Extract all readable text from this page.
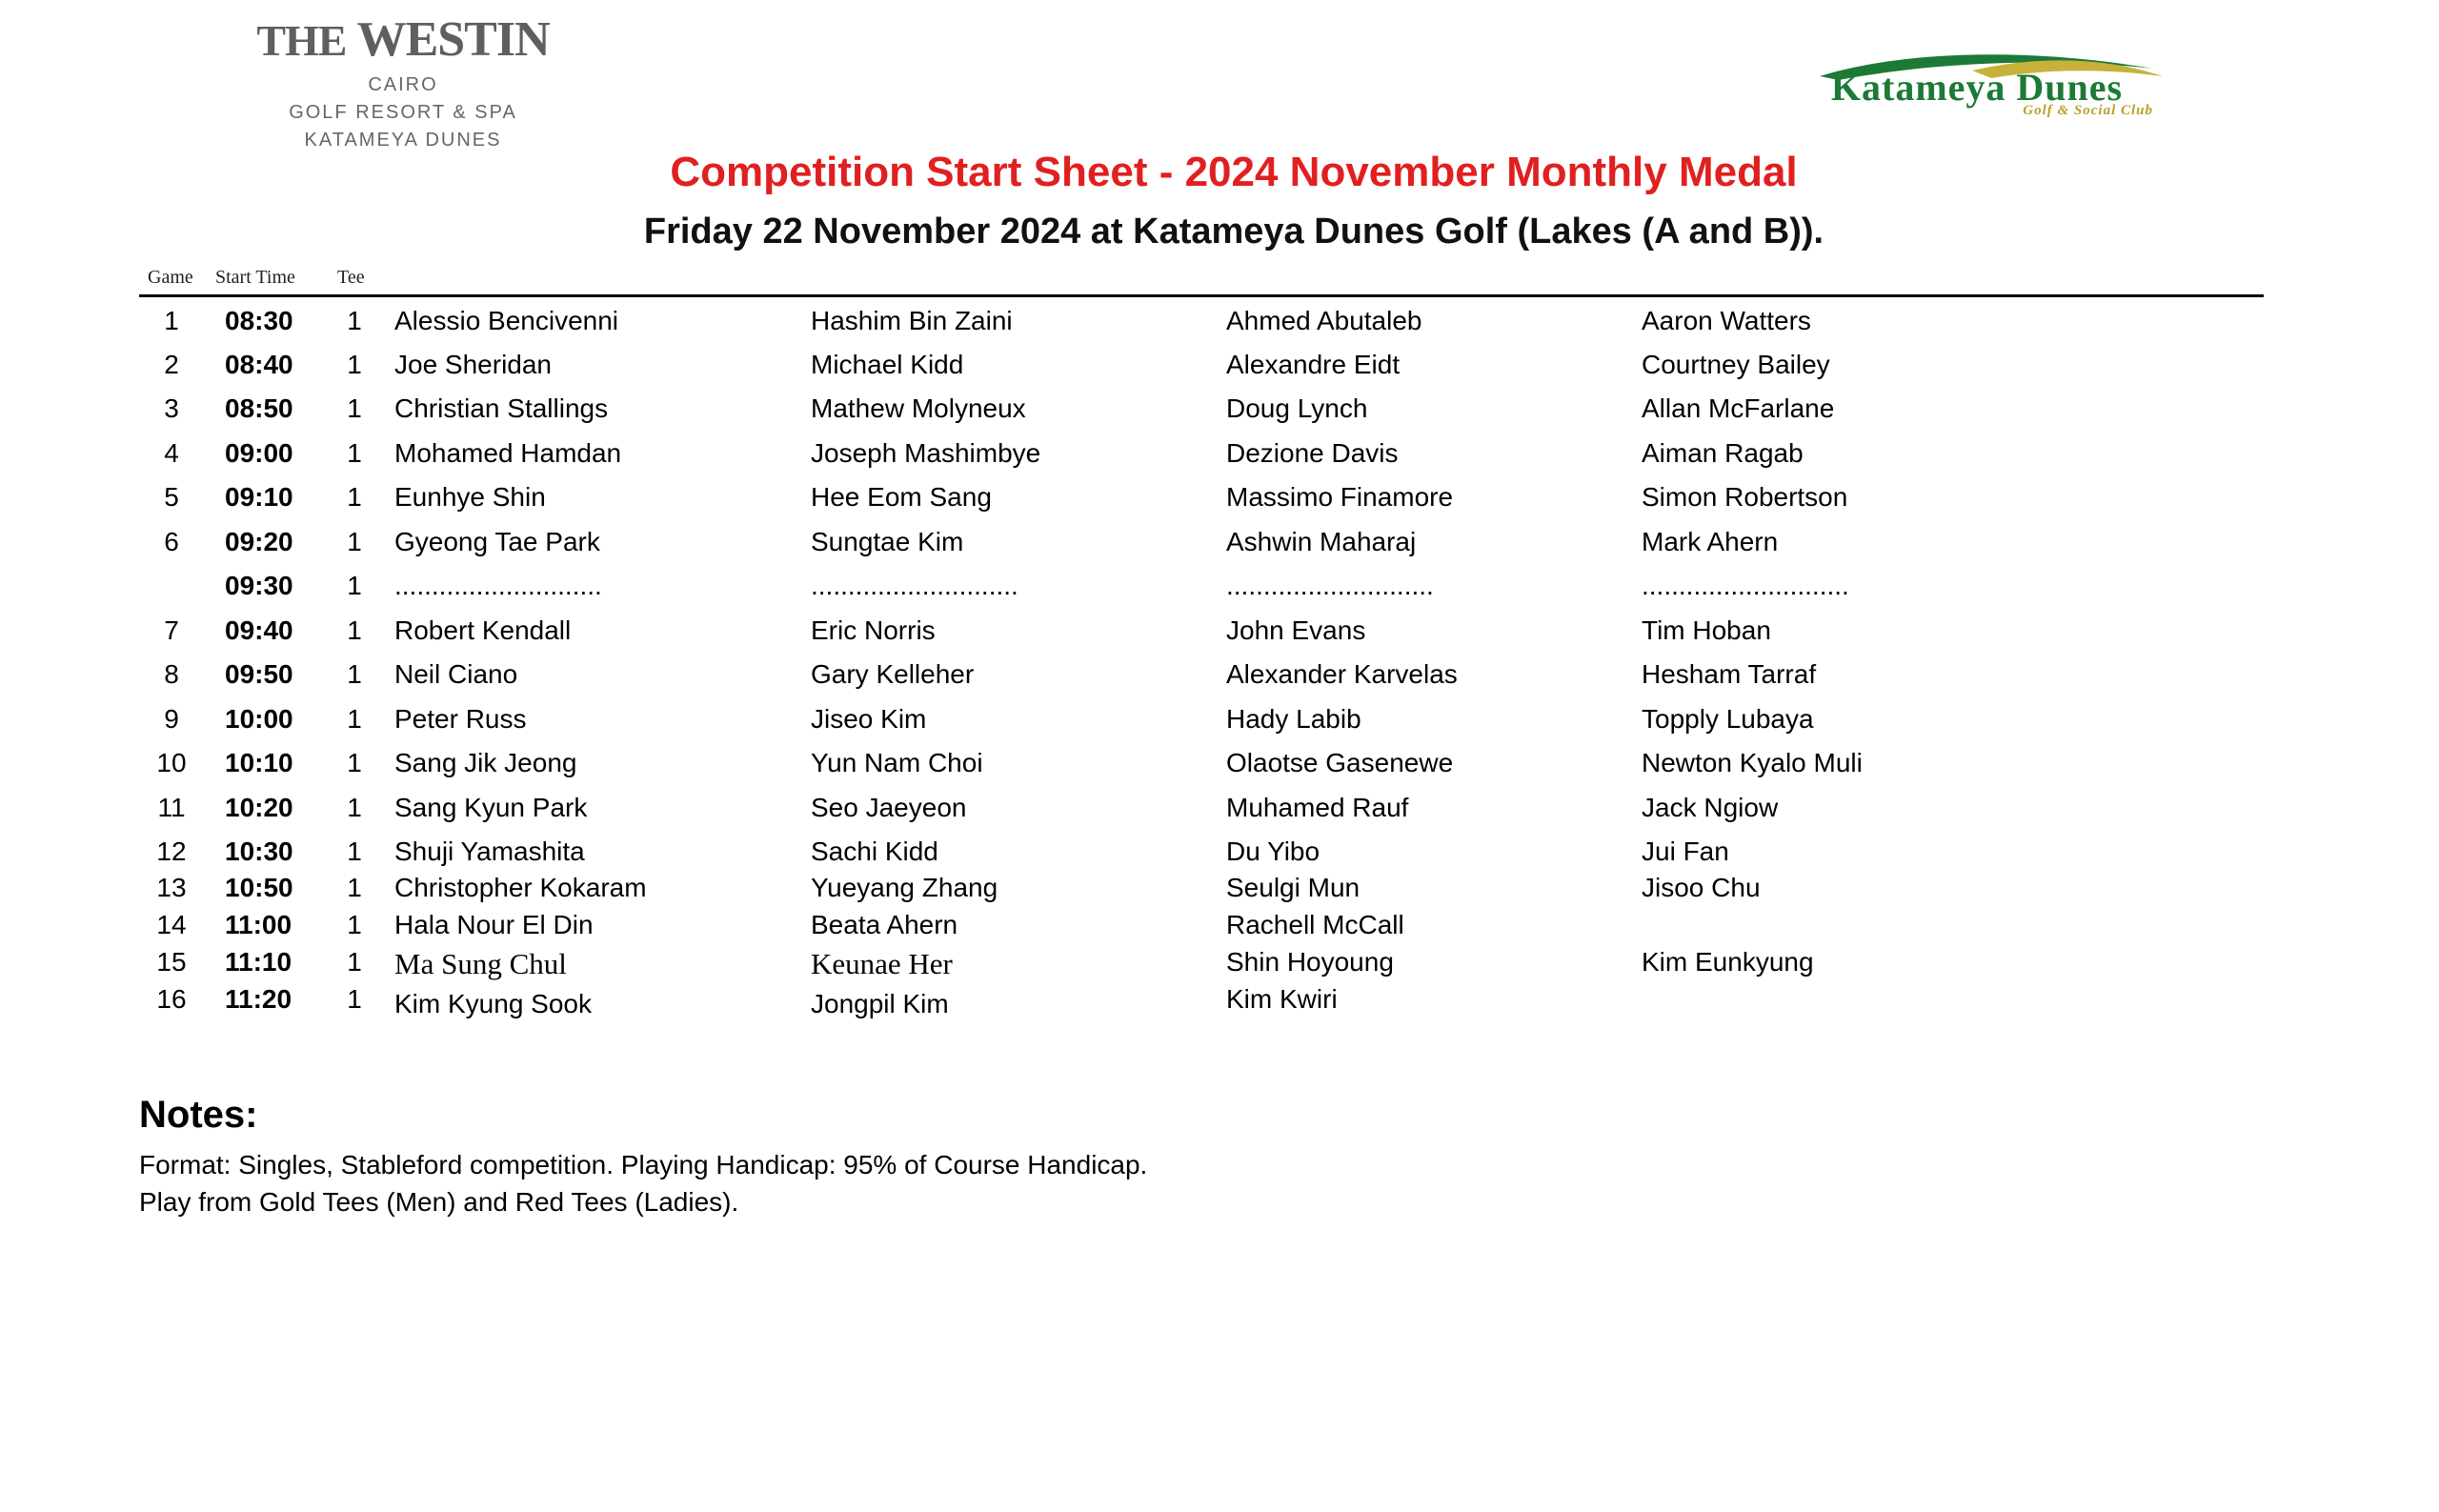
THE WESTIN
CAIRO
GOLF RESORT & SPA
KATAMEYA DUNES
Katameya Dunes
Golf & Social Club
Competition Start Sheet - 2024 November Monthly Medal
Friday 22 November 2024 at Katameya Dunes Golf (Lakes (A and B)).
Game Start Time Tee
1	08:30 1 Alessio Bencivenni	Hashim Bin Zaini	Ahmed Abutaleb	Aaron Watters
2	08:40 1 Joe Sheridan	Michael Kidd	Alexandre Eidt	Courtney Bailey
3	08:50 1 Christian Stallings	Mathew Molyneux	Doug Lynch	Allan McFarlane
4	09:00 1 Mohamed Hamdan	Joseph Mashimbye	Dezione Davis	Aiman Ragab
5	09:10 1 Eunhye Shin	Hee Eom Sang	Massimo Finamore	Simon Robertson
6	09:20 1 Gyeong Tae Park	Sungtae Kim	Ashwin Maharaj	Mark Ahern
09:30 1 ............................	............................	............................	............................
7	09:40 1 Robert Kendall	Eric Norris	John Evans	Tim Hoban
8	09:50 1 Neil Ciano	Gary Kelleher	Alexander Karvelas	Hesham Tarraf
9	10:00 1 Peter Russ	Jiseo Kim	Hady Labib	Topply Lubaya
10	10:10 1 Sang Jik Jeong	Yun Nam Choi	Olaotse Gasenewe	Newton Kyalo Muli
11	10:20 1 Sang Kyun Park	Seo Jaeyeon	Muhamed Rauf	Jack Ngiow
12	10:30 1 Shuji Yamashita	Sachi Kidd	Du Yibo	Jui Fan
13	10:50 1 Christopher Kokaram	Yueyang Zhang	Seulgi Mun	Jisoo Chu
14	11:00	1 Hala Nour El Din	Beata Ahern	Rachell McCall
15	11:10	1 Ma Sung Chul	Keunae Her	Shin Hoyoung	Kim Eunkyung
16	11:20	1 Kim Kyung Sook	Jongpil Kim	Kim Kwiri
Notes:
Format: Singles, Stableford competition. Playing Handicap: 95% of Course Handicap.
Play from Gold Tees (Men) and Red Tees (Ladies).
